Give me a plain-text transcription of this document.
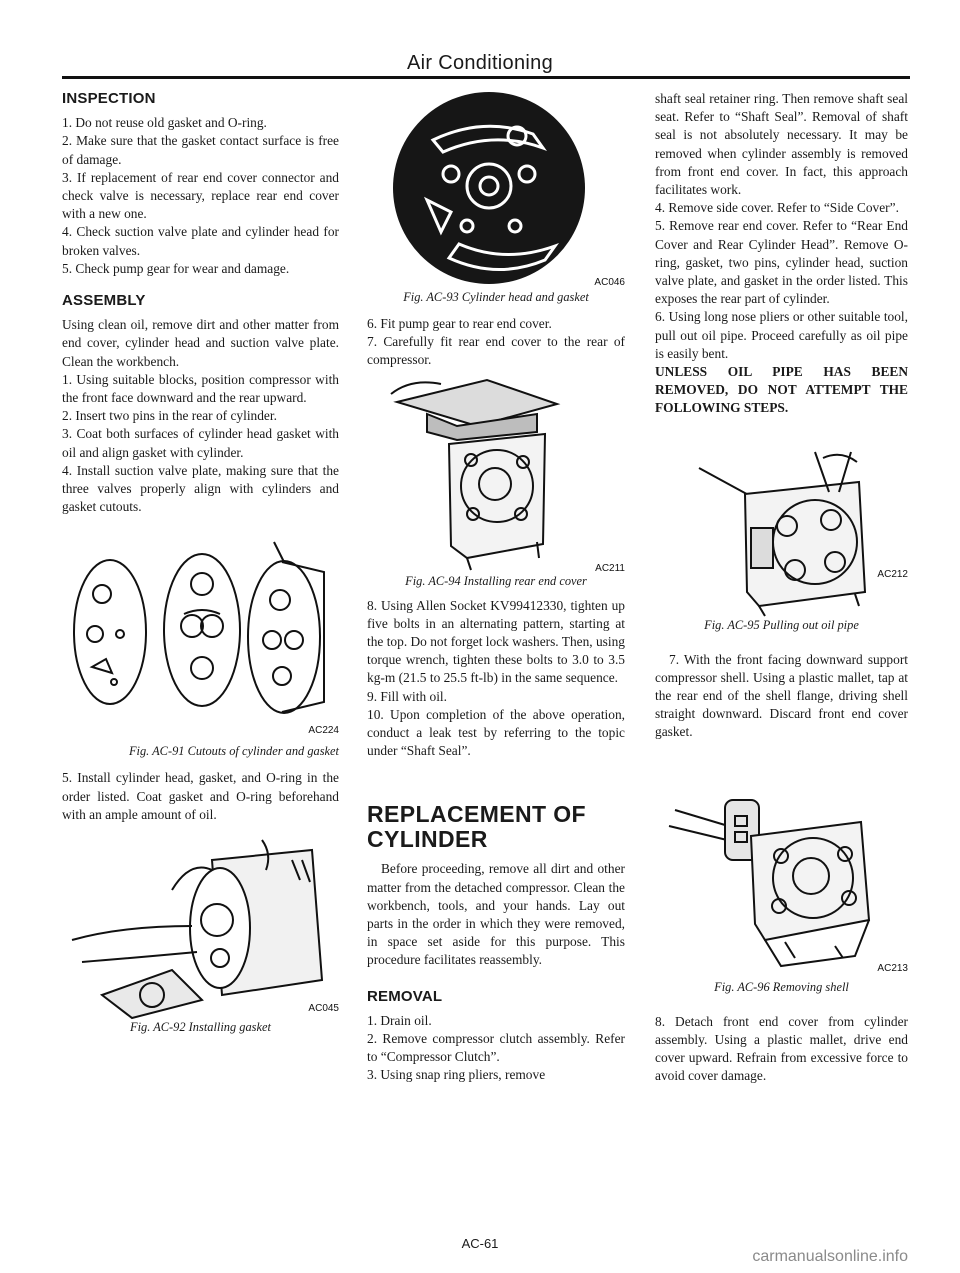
Air Conditioning

INSPECTION

1. Do not reuse old gasket and O-ring.

2. Make sure that the gasket contact surface is free of damage.

3. If replacement of rear end cover connector and check valve is necessary, replace rear end cover with a new one.

4. Check suction valve plate and cylinder head for broken valves.

5. Check pump gear for wear and damage.

ASSEMBLY

Using clean oil, remove dirt and other matter from end cover, cylinder head and suction valve plate. Clean the workbench.

1. Using suitable blocks, position compressor with the front face downward and the rear upward.

2. Insert two pins in the rear of cylinder.

3. Coat both surfaces of cylinder head gasket with oil and align gasket with cylinder.

4. Install suction valve plate, making sure that the three valves properly align with cylinders and gasket cutouts.

AC224

Fig. AC-91 Cutouts of cylinder and gasket

5. Install cylinder head, gasket, and O-ring in the order listed. Coat gasket and O-ring beforehand with an ample amount of oil.

AC045

Fig. AC-92 Installing gasket

AC046

Fig. AC-93 Cylinder head and gasket

6. Fit pump gear to rear end cover.

7. Carefully fit rear end cover to the rear of compressor.

AC211

Fig. AC-94 Installing rear end cover

8. Using Allen Socket KV99412330, tighten up five bolts in an alternating pattern, starting at the top. Do not forget lock washers. Then, using torque wrench, tighten these bolts to 3.0 to 3.5 kg-m (21.5 to 25.5 ft-lb) in the same sequence.

9. Fill with oil.

10. Upon completion of the above operation, conduct a leak test by referring to the topic under “Shaft Seal”.

REPLACEMENT OF CYLINDER

Before proceeding, remove all dirt and other matter from the detached compressor. Clean the workbench, tools, and your hands. Lay out parts in the order in which they were removed, in space set aside for this purpose. This procedure facilitates reassembly.

REMOVAL

1. Drain oil.

2. Remove compressor clutch assembly. Refer to “Compressor Clutch”.

3. Using snap ring pliers, remove

shaft seal retainer ring. Then remove shaft seal seat. Refer to “Shaft Seal”. Removal of shaft seal is not absolutely necessary. It may be removed when cylinder assembly is removed from front end cover. In fact, this approach facilitates work.

4. Remove side cover. Refer to “Side Cover”.

5. Remove rear end cover. Refer to “Rear End Cover and Rear Cylinder Head”. Remove O-ring, gasket, two pins, cylinder head, suction valve plate, and gasket in the order listed. This exposes the rear part of cylinder.

6. Using long nose pliers or other suitable tool, pull out oil pipe. Proceed carefully as oil pipe is easily bent.

UNLESS OIL PIPE HAS BEEN REMOVED, DO NOT ATTEMPT THE FOLLOWING STEPS.

AC212

Fig. AC-95 Pulling out oil pipe

7. With the front facing downward support compressor shell. Using a plastic mallet, tap at the rear end of the shell flange, driving shell straight downward. Discard front end cover gasket.

AC213

Fig. AC-96 Removing shell

8. Detach front end cover from cylinder assembly. Using a plastic mallet, drive end cover upward. Refrain from excessive force to avoid cover damage.

AC-61
carmanualsonline.info
